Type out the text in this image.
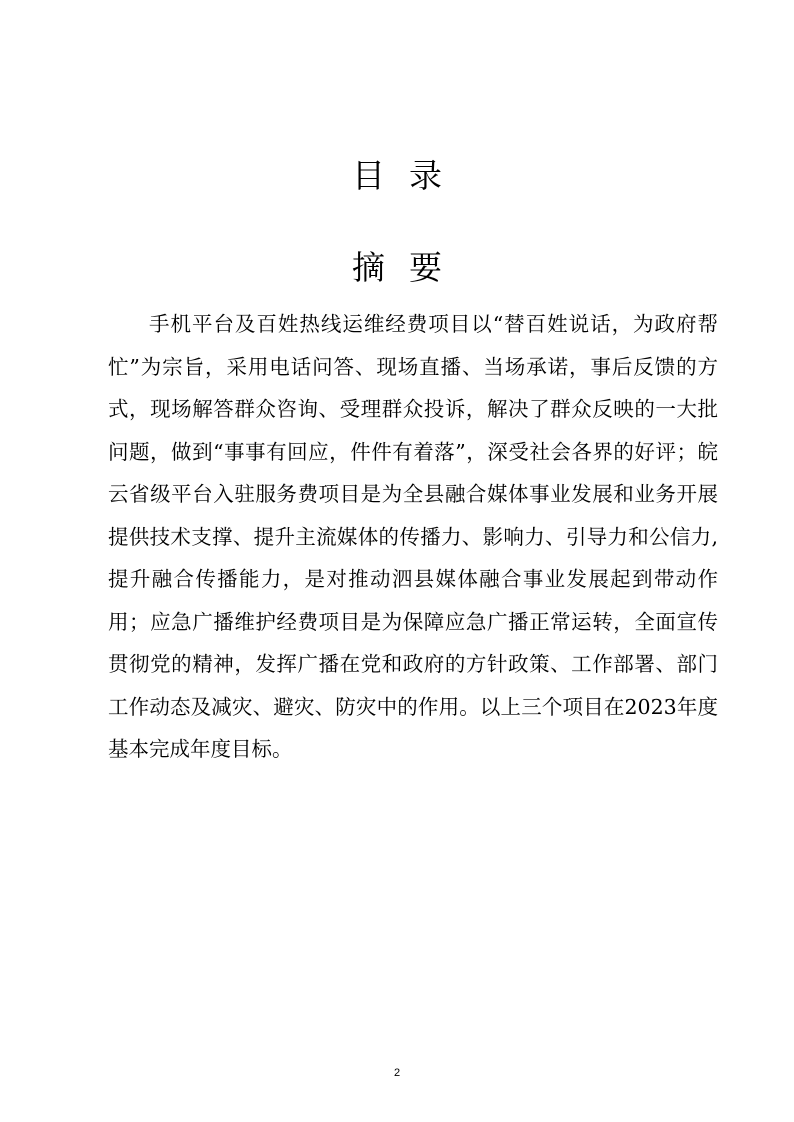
目录
摘要

手机平台及百姓热线运维经费项目以“替百姓说话，为政府帮忙”为宗旨，采用电话问答、现场直播、当场承诺，事后反馈的方式，现场解答群众咨询、受理群众投诉，解决了群众反映的一大批问题，做到“事事有回应，件件有着落”，深受社会各界的好评；皖云省级平台入驻服务费项目是为全县融合媒体事业发展和业务开展提供技术支撑、提升主流媒体的传播力、影响力、引导力和公信力,提升融合传播能力，是对推动泗县媒体融合事业发展起到带动作用；应急广播维护经费项目是为保障应急广播正常运转，全面宣传贯彻党的精神，发挥广播在党和政府的方针政策、工作部署、部门工作动态及减灾、避灾、防灾中的作用。以上三个项目在2023年度基本完成年度目标。

2
